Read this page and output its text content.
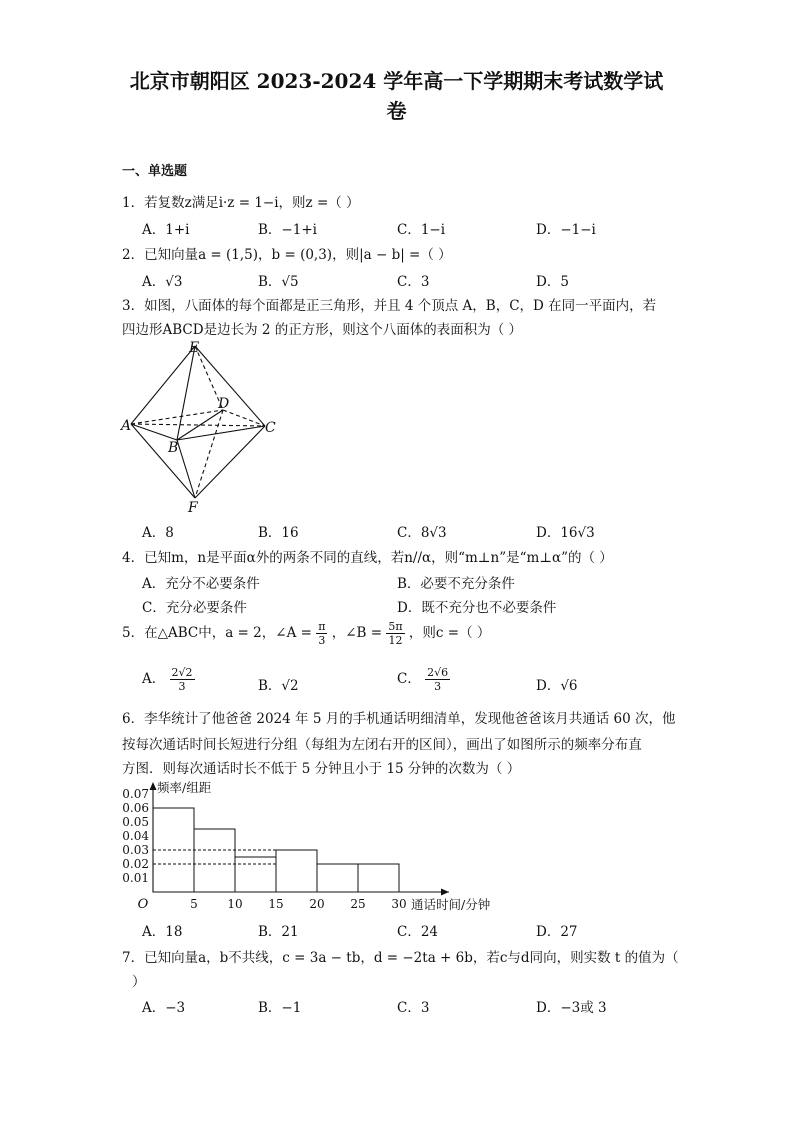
北京市朝阳区 2023-2024 学年高一下学期期末考试数学试
卷
一、单选题
1．若复数z满足i·z = 1−i，则z =（ ）
A．1+i	B．−1+i	C．1−i	D．−1−i
2．已知向量a = (1,5)，b = (0,3)，则|a − b| =（ ）
A．√3	B．√5	C．3	D．5
3．如图，八面体的每个面都是正三角形，并且 4 个顶点 A，B，C，D 在同一平面内，若
四边形ABCD是边长为 2 的正方形，则这个八面体的表面积为（ ）
E
A
B
C
D
F
A．8	B．16	C．8√3	D．16√3
4．已知m，n是平面α外的两条不同的直线，若n//α，则“m⊥n”是“m⊥α”的（ ）
A．充分不必要条件	B．必要不充分条件
C．充分必要条件	D．既不充分也不必要条件
5．在△ABC中，a = 2，∠A = $\frac{\pi}{3}$ ，∠B = $\frac{5\pi}{12}$ ，则c =（ ）
A． $\frac{2√2}{3}$	B．√2	C． $\frac{2√6}{3}$	D．√6
6．李华统计了他爸爸 2024 年 5 月的手机通话明细清单，发现他爸爸该月共通话 60 次，他
按每次通话时间长短进行分组（每组为左闭右开的区间），画出了如图所示的频率分布直
方图．则每次通话时长不低于 5 分钟且小于 15 分钟的次数为（ ）
0.01
0.02
0.03
0.04
0.05
0.06
0.07
5 10 15 20 25 30
O
频率/组距
通话时间/分钟
A．18	B．21	C．24	D．27
7．已知向量a，b不共线，c = 3a − tb，d = −2ta + 6b，若c与d同向，则实数 t 的值为（
）
A．−3	B．−1	C．3	D．−3或 3
